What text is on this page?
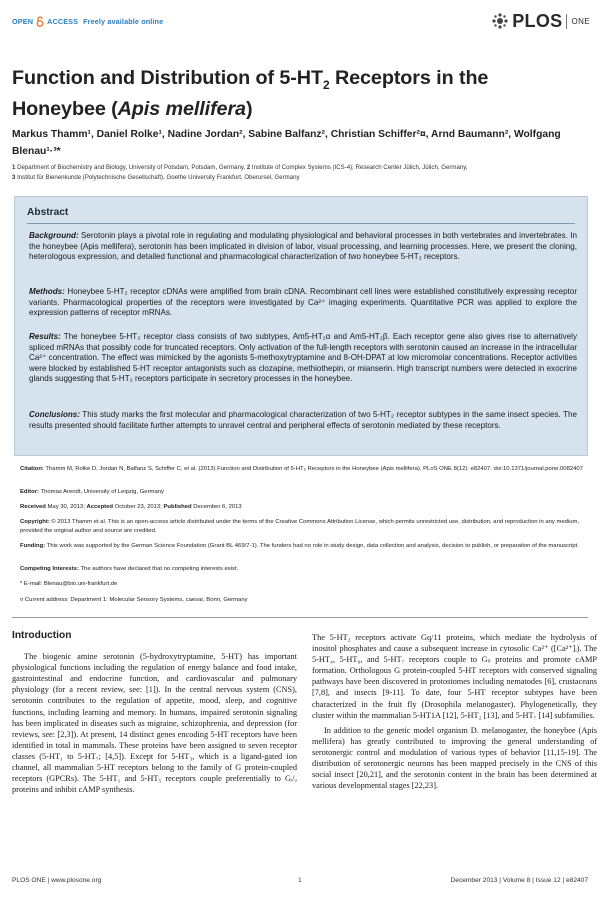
OPEN ACCESS Freely available online	PLOS ONE
Function and Distribution of $5-HT_2$ Receptors in the
Honeybee (Apis mellifera)
Markus Thamm¹, Daniel Rolke¹, Nadine Jordan², Sabine Balfanz², Christian Schiffer²¤, Arnd Baumann², Wolfgang Blenau¹·³*
1 Department of Biochemistry and Biology, University of Potsdam, Potsdam, Germany, 2 Institute of Complex Systems (ICS-4), Research Center Jülich, Jülich, Germany,
3 Institut für Bienenkunde (Polytechnische Gesellschaft), Goethe University Frankfurt, Oberursel, Germany
Abstract
Background: Serotonin plays a pivotal role in regulating and modulating physiological and behavioral processes in both vertebrates and invertebrates. In the honeybee (Apis mellifera), serotonin has been implicated in division of labor, visual processing, and learning processes. Here, we present the cloning, heterologous expression, and detailed functional and pharmacological characterization of two honeybee 5-HT₂ receptors.
Methods: Honeybee 5-HT₂ receptor cDNAs were amplified from brain cDNA. Recombinant cell lines were established constitutively expressing receptor variants. Pharmacological properties of the receptors were investigated by Ca²⁺ imaging experiments. Quantitative PCR was applied to explore the expression patterns of receptor mRNAs.
Results: The honeybee 5-HT₂ receptor class consists of two subtypes, Am5-HT₂α and Am5-HT₂β. Each receptor gene also gives rise to alternatively spliced mRNAs that possibly code for truncated receptors. Only activation of the full-length receptors with serotonin caused an increase in the intracellular Ca²⁺ concentration. The effect was mimicked by the agonists 5-methoxytryptamine and 8-OH-DPAT at low micromolar concentrations. Receptor activities were blocked by established 5-HT receptor antagonists such as clozapine, methiothepin, or mianserin. High transcript numbers were detected in exocrine glands suggesting that 5-HT₂ receptors participate in secretory processes in the honeybee.
Conclusions: This study marks the first molecular and pharmacological characterization of two 5-HT₂ receptor subtypes in the same insect species. The results presented should facilitate further attempts to unravel central and peripheral effects of serotonin mediated by these receptors.
Citation: Thamm M, Rolke D, Jordan N, Balfanz S, Schiffer C, et al. (2013) Function and Distribution of 5-HT₂ Receptors in the Honeybee (Apis mellifera). PLoS ONE 8(12): e82407. doi:10.1371/journal.pone.0082407
Editor: Thomas Arendt, University of Leipzig, Germany
Received May 30, 2013; Accepted October 23, 2013; Published December 6, 2013
Copyright: © 2013 Thamm et al. This is an open-access article distributed under the terms of the Creative Commons Attribution License, which permits unrestricted use, distribution, and reproduction in any medium, provided the original author and source are credited.
Funding: This work was supported by the German Science Foundation (Grant BL 469/7-1). The funders had no role in study design, data collection and analysis, decision to publish, or preparation of the manuscript.
Competing Interests: The authors have declared that no competing interests exist.
* E-mail: Blenau@bio.uni-frankfurt.de
¤ Current address: Department 1: Molecular Sensory Systems, caesar, Bonn, Germany
Introduction

The biogenic amine serotonin (5-hydroxytryptamine, 5-HT) has important physiological functions including the regulation of energy balance and food intake, gastrointestinal and endocrine function, and cardiovascular and pulmonary physiology (for a recent review, see: [1]). In the central nervous system (CNS), serotonin contributes to the regulation of appetite, mood, sleep, and cognitive functions, including learning and memory. In humans, impaired serotonin signaling has been implicated in diseases such as migraine, schizophrenia, and depression (for reviews, see: [2,3]). At present, 14 distinct genes encoding 5-HT receptors have been identified in total in mammals. These proteins have been assigned to seven receptor classes (5-HT₁ to 5-HT₇; [4,5]). Except for 5-HT₃, which is a ligand-gated ion channel, all mammalian 5-HT receptors belong to the family of G protein-coupled receptors (GPCRs). The 5-HT₁ and 5-HT₅ receptors couple preferentially to Gᵢ/ₒ proteins and inhibit cAMP synthesis.

The 5-HT₂ receptors activate Gq/11 proteins, which mediate the hydrolysis of inositol phosphates and cause a subsequent increase in cytosolic Ca²⁺ ([Ca²⁺]ᵢ). The 5-HT₄, 5-HT₆, and 5-HT₇ receptors couple to Gₛ proteins and promote cAMP formation. Orthologous G protein-coupled 5-HT receptors with conserved signaling pathways have been discovered in protostomes including nematodes [6], crustaceans [7,8], and insects [9-11]. To date, four 5-HT receptor subtypes have been characterized in the fruit fly (Drosophila melanogaster). Phylogenetically, they cluster within the mammalian 5-HT1A [12], 5-HT₂ [13], and 5-HT₇ [14] subfamilies.

In addition to the genetic model organism D. melanogaster, the honeybee (Apis mellifera) has greatly contributed to improving the general understanding of serotonergic control and modulation of various types of behavior [11,15-19]. The distribution of serotonergic neurons has been mapped precisely in the CNS of this social insect [20,21], and the serotonin content in the brain has been determined at various developmental stages [22,23].

PLOS ONE | www.plosone.org	1	December 2013 | Volume 8 | Issue 12 | e82407
